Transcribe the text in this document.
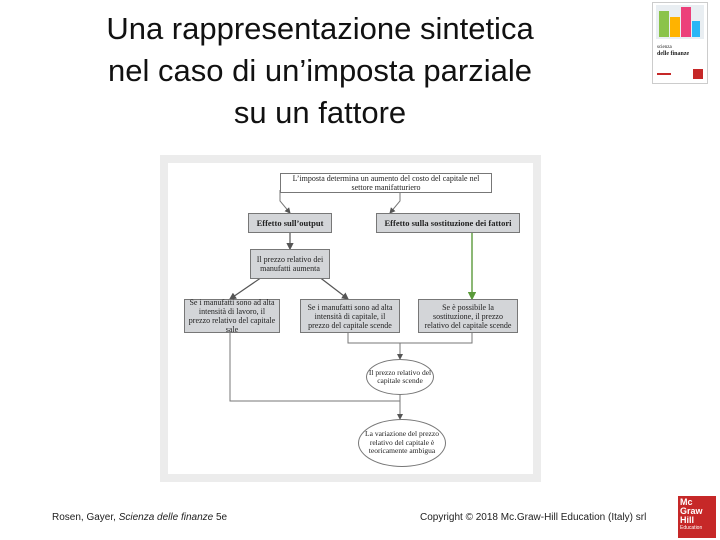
Una rappresentazione sintetica
nel caso di un’imposta parziale
su un fattore
scienza
delle finanze
L’imposta determina un aumento del costo del capitale nel settore manifatturiero
Effetto sull’output	Effetto sulla sostituzione dei fattori
Il prezzo relativo dei manufatti aumenta
Se i manufatti sono ad alta intensità di lavoro, il prezzo relativo del capitale sale
Se i manufatti sono ad alta intensità di capitale, il prezzo del capitale scende
Se è possibile la sostituzione, il prezzo relativo del capitale scende
Il prezzo relativo del capitale scende
La variazione del prezzo relativo del capitale è teoricamente ambigua
Rosen, Gayer, Scienza delle finanze 5e	Copyright © 2018 Mc.Graw-Hill Education (Italy) srl
Mc
Graw
Hill
Education
